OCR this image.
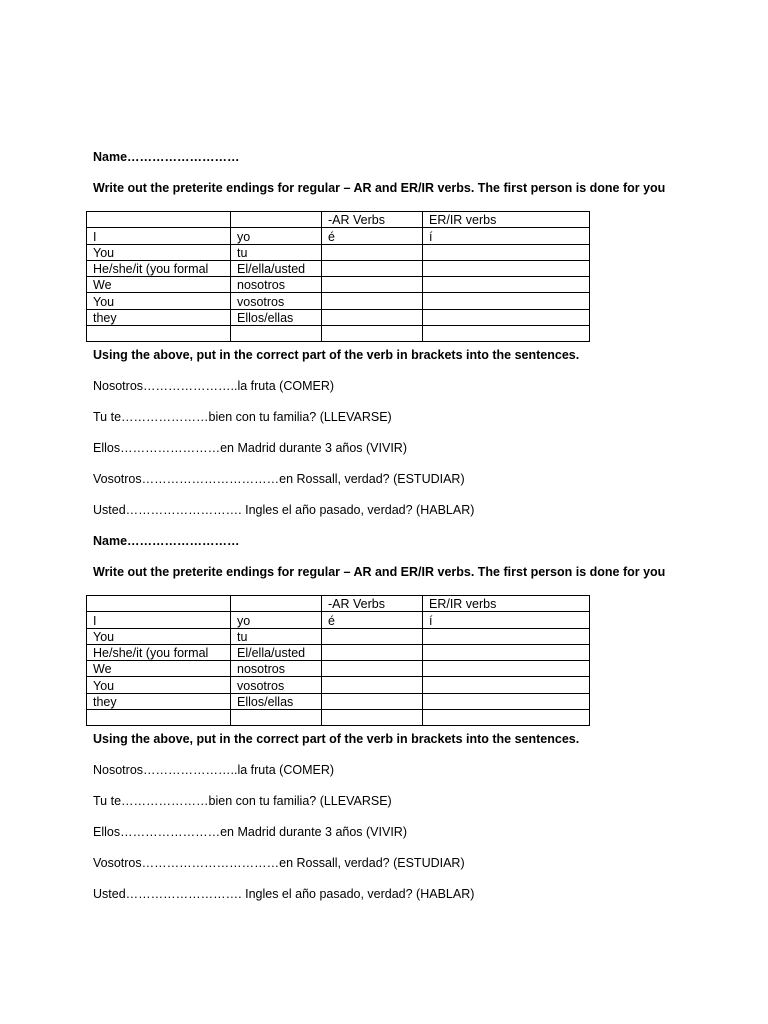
Name………………………
Write out the preterite endings for regular – AR and ER/IR verbs. The first person is done for you
		-AR Verbs	ER/IR verbs
I	yo	é	í
You	tu		
He/she/it (you formal	El/ella/usted		
We	nosotros		
You	vosotros		
they	Ellos/ellas		

Using the above, put in the correct part of the verb in brackets into the sentences.
Nosotros…………………..la fruta (COMER)
Tu te…………………bien con tu familia? (LLEVARSE)
Ellos……………………en Madrid durante 3 años (VIVIR)
Vosotros……………………………en Rossall, verdad? (ESTUDIAR)
Usted………………………. Ingles el año pasado, verdad? (HABLAR)
Name………………………
Write out the preterite endings for regular – AR and ER/IR verbs. The first person is done for you
		-AR Verbs	ER/IR verbs
I	yo	é	í
You	tu		
He/she/it (you formal	El/ella/usted		
We	nosotros		
You	vosotros		
they	Ellos/ellas		

Using the above, put in the correct part of the verb in brackets into the sentences.
Nosotros…………………..la fruta (COMER)
Tu te…………………bien con tu familia? (LLEVARSE)
Ellos……………………en Madrid durante 3 años (VIVIR)
Vosotros……………………………en Rossall, verdad? (ESTUDIAR)
Usted………………………. Ingles el año pasado, verdad? (HABLAR)
